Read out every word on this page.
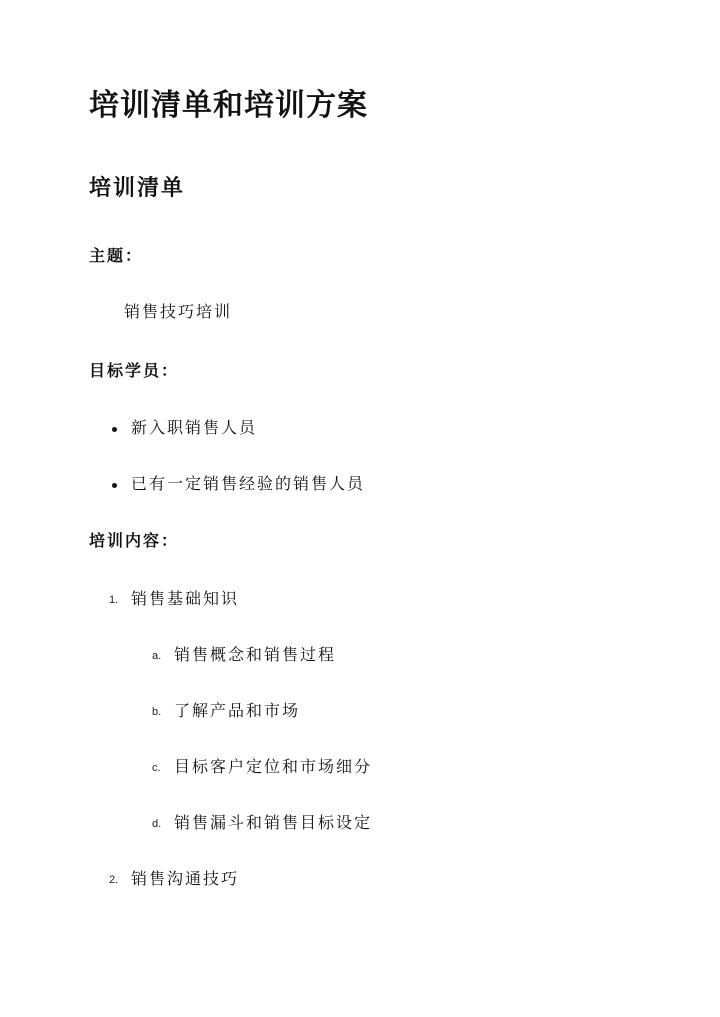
培训清单和培训方案
培训清单
主题：
销售技巧培训
目标学员：
新入职销售人员
已有一定销售经验的销售人员
培训内容：
1. 销售基础知识
a. 销售概念和销售过程
b. 了解产品和市场
c. 目标客户定位和市场细分
d. 销售漏斗和销售目标设定
2. 销售沟通技巧
